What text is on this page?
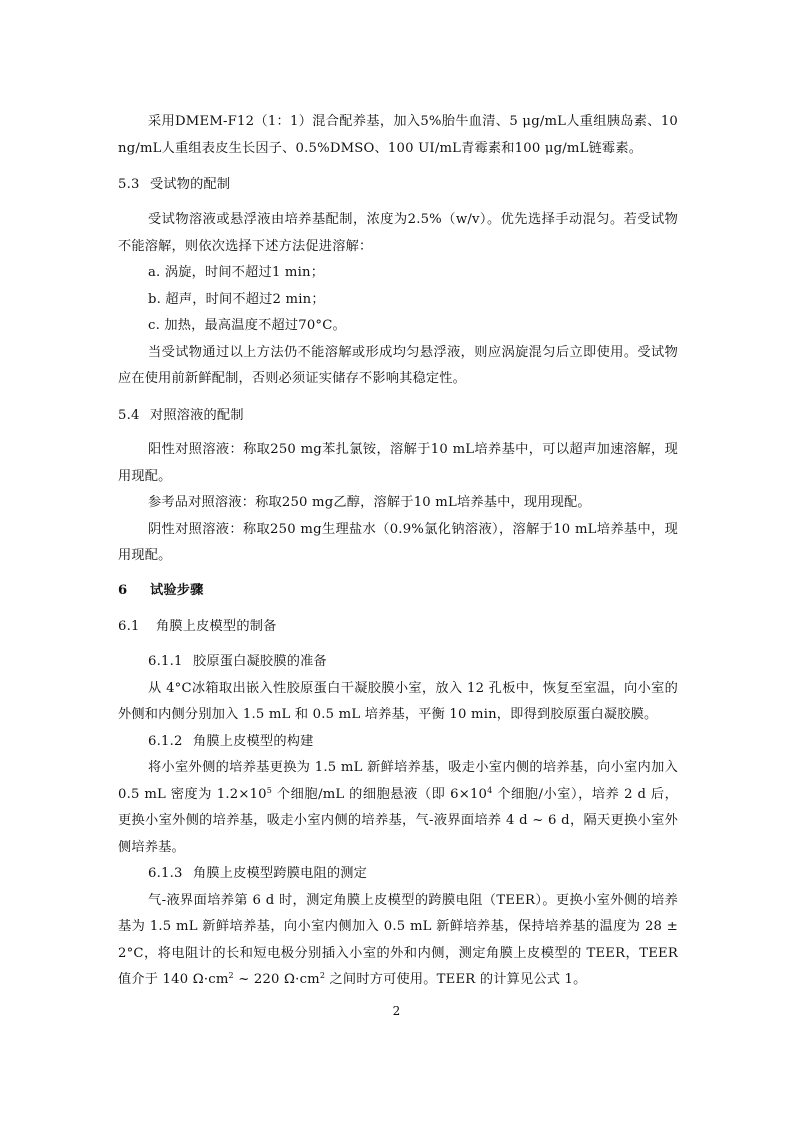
采用DMEM-F12（1：1）混合配养基，加入5%胎牛血清、5 μg/mL人重组胰岛素、10 ng/mL人重组表皮生长因子、0.5%DMSO、100 UI/mL青霉素和100 μg/mL链霉素。
5.3 受试物的配制
受试物溶液或悬浮液由培养基配制，浓度为2.5%（w/v）。优先选择手动混匀。若受试物不能溶解，则依次选择下述方法促进溶解：
a. 涡旋，时间不超过1 min；
b. 超声，时间不超过2 min；
c. 加热，最高温度不超过70°C。
当受试物通过以上方法仍不能溶解或形成均匀悬浮液，则应涡旋混匀后立即使用。受试物应在使用前新鲜配制，否则必须证实储存不影响其稳定性。
5.4 对照溶液的配制
阳性对照溶液：称取250 mg苯扎氯铵，溶解于10 mL培养基中，可以超声加速溶解，现用现配。
参考品对照溶液：称取250 mg乙醇，溶解于10 mL培养基中，现用现配。
阴性对照溶液：称取250 mg生理盐水（0.9%氯化钠溶液），溶解于10 mL培养基中，现用现配。
6 试验步骤
6.1 角膜上皮模型的制备
6.1.1 胶原蛋白凝胶膜的准备
从 4°C冰箱取出嵌入性胶原蛋白干凝胶膜小室，放入 12 孔板中，恢复至室温，向小室的外侧和内侧分别加入 1.5 mL 和 0.5 mL 培养基，平衡 10 min，即得到胶原蛋白凝胶膜。
6.1.2 角膜上皮模型的构建
将小室外侧的培养基更换为 1.5 mL 新鲜培养基，吸走小室内侧的培养基，向小室内加入 0.5 mL 密度为 $1.2\times 10^5$ 个细胞/mL 的细胞悬液（即 $6\times 10^4$ 个细胞/小室），培养 2 d 后，更换小室外侧的培养基，吸走小室内侧的培养基，气-液界面培养 4 d ~ 6 d，隔天更换小室外侧培养基。
6.1.3 角膜上皮模型跨膜电阻的测定
气-液界面培养第 6 d 时，测定角膜上皮模型的跨膜电阻（TEER）。更换小室外侧的培养基为 1.5 mL 新鲜培养基，向小室内侧加入 0.5 mL 新鲜培养基，保持培养基的温度为 28 ± 2°C，将电阻计的长和短电极分别插入小室的外和内侧，测定角膜上皮模型的 TEER，TEER 值介于 140 $\Omega\cdot cm^2$ ~ 220 $\Omega\cdot cm^2$ 之间时方可使用。TEER 的计算见公式 1。
2
